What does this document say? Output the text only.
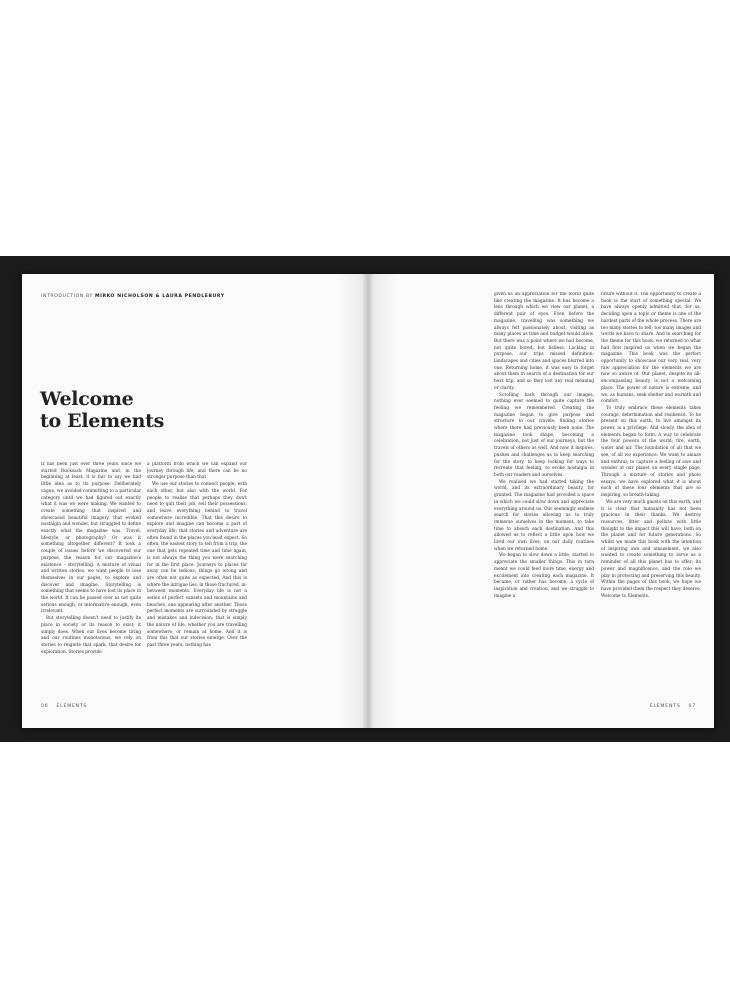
INTRODUCTION BY MIRKO NICHOLSON & LAURA PENDLEBURY
Welcome
to Elements

It has been just over three years since we started Rucksack Magazine and, in the beginning at least, it is fair to say we had little idea as to its purpose. Deliberately vague, we avoided committing to a particular category until we had figured out exactly what it was we were making. We wanted to create something that inspired and showcased beautiful imagery, that evoked nostalgia and wonder, but struggled to define exactly what the magazine was. Travel, lifestyle, or photography? Or was it something altogether different? It took a couple of issues before we discovered our purpose, the reason for our magazine's existence - storytelling. A mixture of visual and written stories, we want people to lose themselves in our pages, to explore and discover and imagine. Storytelling is something that seems to have lost its place in the world. It can be passed over as not quite serious enough, or informative enough, even irrelevant.

But storytelling doesn't need to justify its place in society or its reason to exist; it simply does. When our lives become tiring and our routines monotonous, we rely on stories to reignite that spark, that desire for exploration. Stories provide

a platform from which we can expand our journey through life, and there can be no stronger purpose than that.

We use our stories to connect people; with each other, but also with the world. For people to realise that perhaps they don't need to quit their job, sell their possessions, and leave everything behind to travel somewhere incredible. That this desire to explore and imagine can become a part of everyday life; that stories and adventure are often found in the places you least expect. So often, the easiest story to tell from a trip, the one that gets repeated time and time again, is not always the thing you were searching for in the first place. Journeys to places far away can be tedious; things go wrong and are often not quite as expected. And this is where the intrigue lies, in those fractured, in-between moments. Everyday life is not a series of perfect sunsets and mountains and beaches, one appearing after another. Those perfect moments are surrounded by struggle and mistakes and indecision; that is simply the nature of life, whether you are travelling somewhere, or remain at home. And it is from this that our stories emerge. Over the past three years, nothing has

06 ELEMENTS

given us an appreciation for the world quite like creating the magazine. It has become a lens through which we view our planet; a different pair of eyes. Even before the magazine, travelling was something we always felt passionately about, visiting as many places as time and budget would allow. But there was a point where we had become, not quite bored, but listless. Lacking in purpose, our trips missed definition; landscapes and cities and spaces blurred into one. Returning home, it was easy to forget about them in search of a destination for our next trip, and so they lost any real meaning or clarity.

Scrolling back through our images, nothing ever seemed to quite capture the feeling we remembered. Creating the magazine began to give purpose and structure to our travels; finding stories where there had previously been none. The magazine took shape, becoming a celebration, not just of our journeys, but the travels of others as well. And now it inspires, pushes and challenges us to keep searching for the story, to keep looking for ways to recreate that feeling, to evoke nostalgia in both our readers and ourselves.

We realised we had started taking the world, and its extraordinary beauty, for granted. The magazine had provided a space in which we could slow down and appreciate everything around us. Our seemingly endless search for stories allowing us to truly immerse ourselves in the moment, to take time to absorb each destination. And this allowed us to reflect a little upon how we lived our own lives, on our daily routines when we returned home.

We began to slow down a little, started to appreciate the smaller things. This in turn meant we could feed more time, energy and excitement into creating each magazine. It became, or rather has become, a cycle of inspiration and creation, and we struggle to imagine a

future without it. The opportunity to create a book is the start of something special. We have always openly admitted that, for us, deciding upon a topic or theme is one of the hardest parts of the whole process. There are too many stories to tell; too many images and words we have to share. And in searching for the theme for this book, we returned to what had first inspired us when we began the magazine. This book was the perfect opportunity to showcase our very real, very raw appreciation for the elements we are now so aware of. Our planet, despite its all-encompassing beauty, is not a welcoming place. The power of nature is extreme, and we, as humans, seek shelter and warmth and comfort.

To truly embrace these elements takes courage, determination and resilience. To be present on this earth, to live amongst its power, is a privilege. And slowly, the idea of elements began to form. A way to celebrate the four powers of the world; fire, earth, water and air. The foundation of all that we see, of all we experience. We want to amaze and enthral; to capture a feeling of awe and wonder at our planet on every single page. Through a mixture of stories and photo essays, we have explored what it is about each of these four elements that are so inspiring, so breath-taking.

We are very much guests on this earth, and it is clear that humanity has not been gracious in their thanks. We destroy resources, litter and pollute with little thought to the impact this will have, both on the planet and for future generations. So whilst we made this book with the intention of inspiring awe and amazement, we also wanted to create something to serve as a reminder of all this planet has to offer; its power and magnificence, and the role we play in protecting and preserving this beauty. Within the pages of this book, we hope we have provided them the respect they deserve. Welcome to Elements.

ELEMENTS 07
